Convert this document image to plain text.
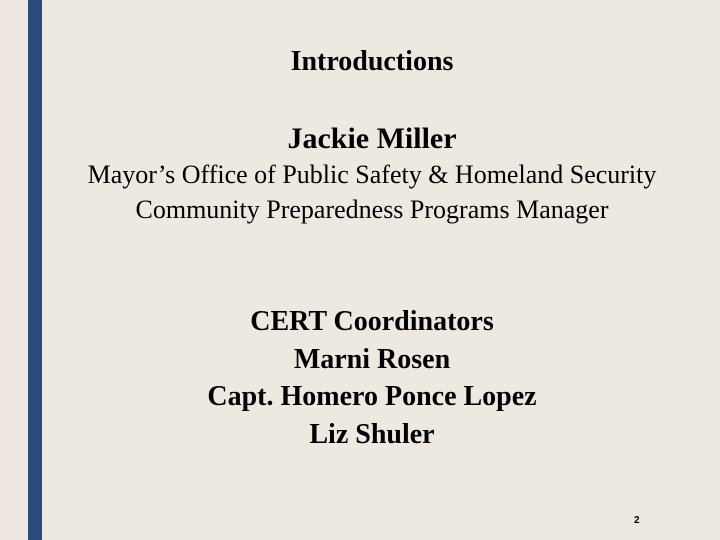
Introductions
Jackie Miller
Mayor’s Office of Public Safety & Homeland Security
Community Preparedness Programs Manager
CERT Coordinators
Marni Rosen
Capt. Homero Ponce Lopez
Liz Shuler
2
